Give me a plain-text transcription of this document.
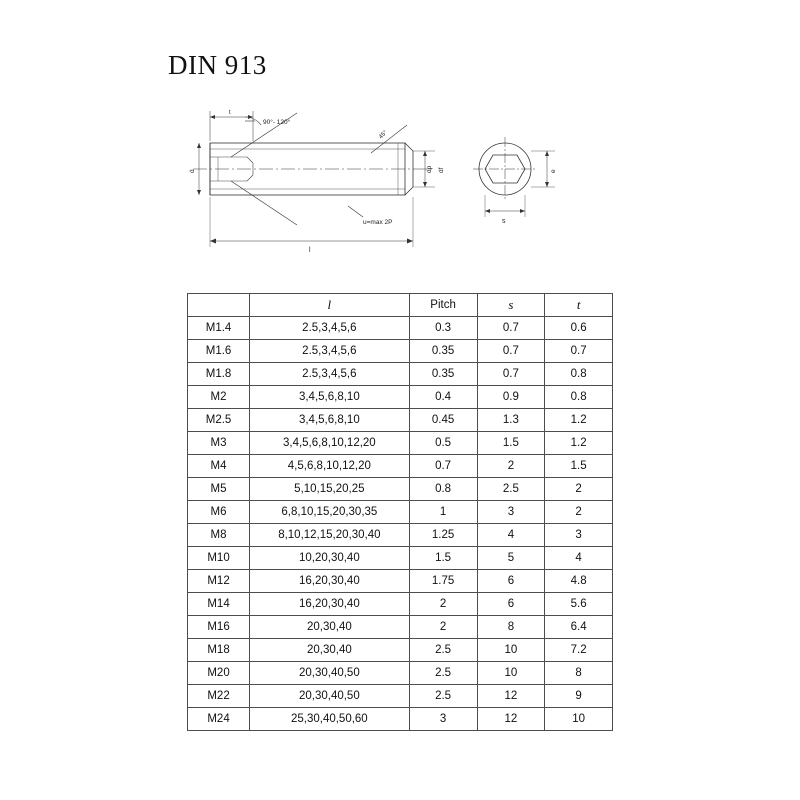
DIN 913
90°- 120°
45°
d	dp df
u=max 2P
l
t
s
e
	l	Pitch	s	t
M1.4	2.5,3,4,5,6	0.3	0.7	0.6
M1.6	2.5,3,4,5,6	0.35	0.7	0.7
M1.8	2.5,3,4,5,6	0.35	0.7	0.8
M2	3,4,5,6,8,10	0.4	0.9	0.8
M2.5	3,4,5,6,8,10	0.45	1.3	1.2
M3	3,4,5,6,8,10,12,20	0.5	1.5	1.2
M4	4,5,6,8,10,12,20	0.7	2	1.5
M5	5,10,15,20,25	0.8	2.5	2
M6	6,8,10,15,20,30,35	1	3	2
M8	8,10,12,15,20,30,40	1.25	4	3
M10	10,20,30,40	1.5	5	4
M12	16,20,30,40	1.75	6	4.8
M14	16,20,30,40	2	6	5.6
M16	20,30,40	2	8	6.4
M18	20,30,40	2.5	10	7.2
M20	20,30,40,50	2.5	10	8
M22	20,30,40,50	2.5	12	9
M24	25,30,40,50,60	3	12	10
